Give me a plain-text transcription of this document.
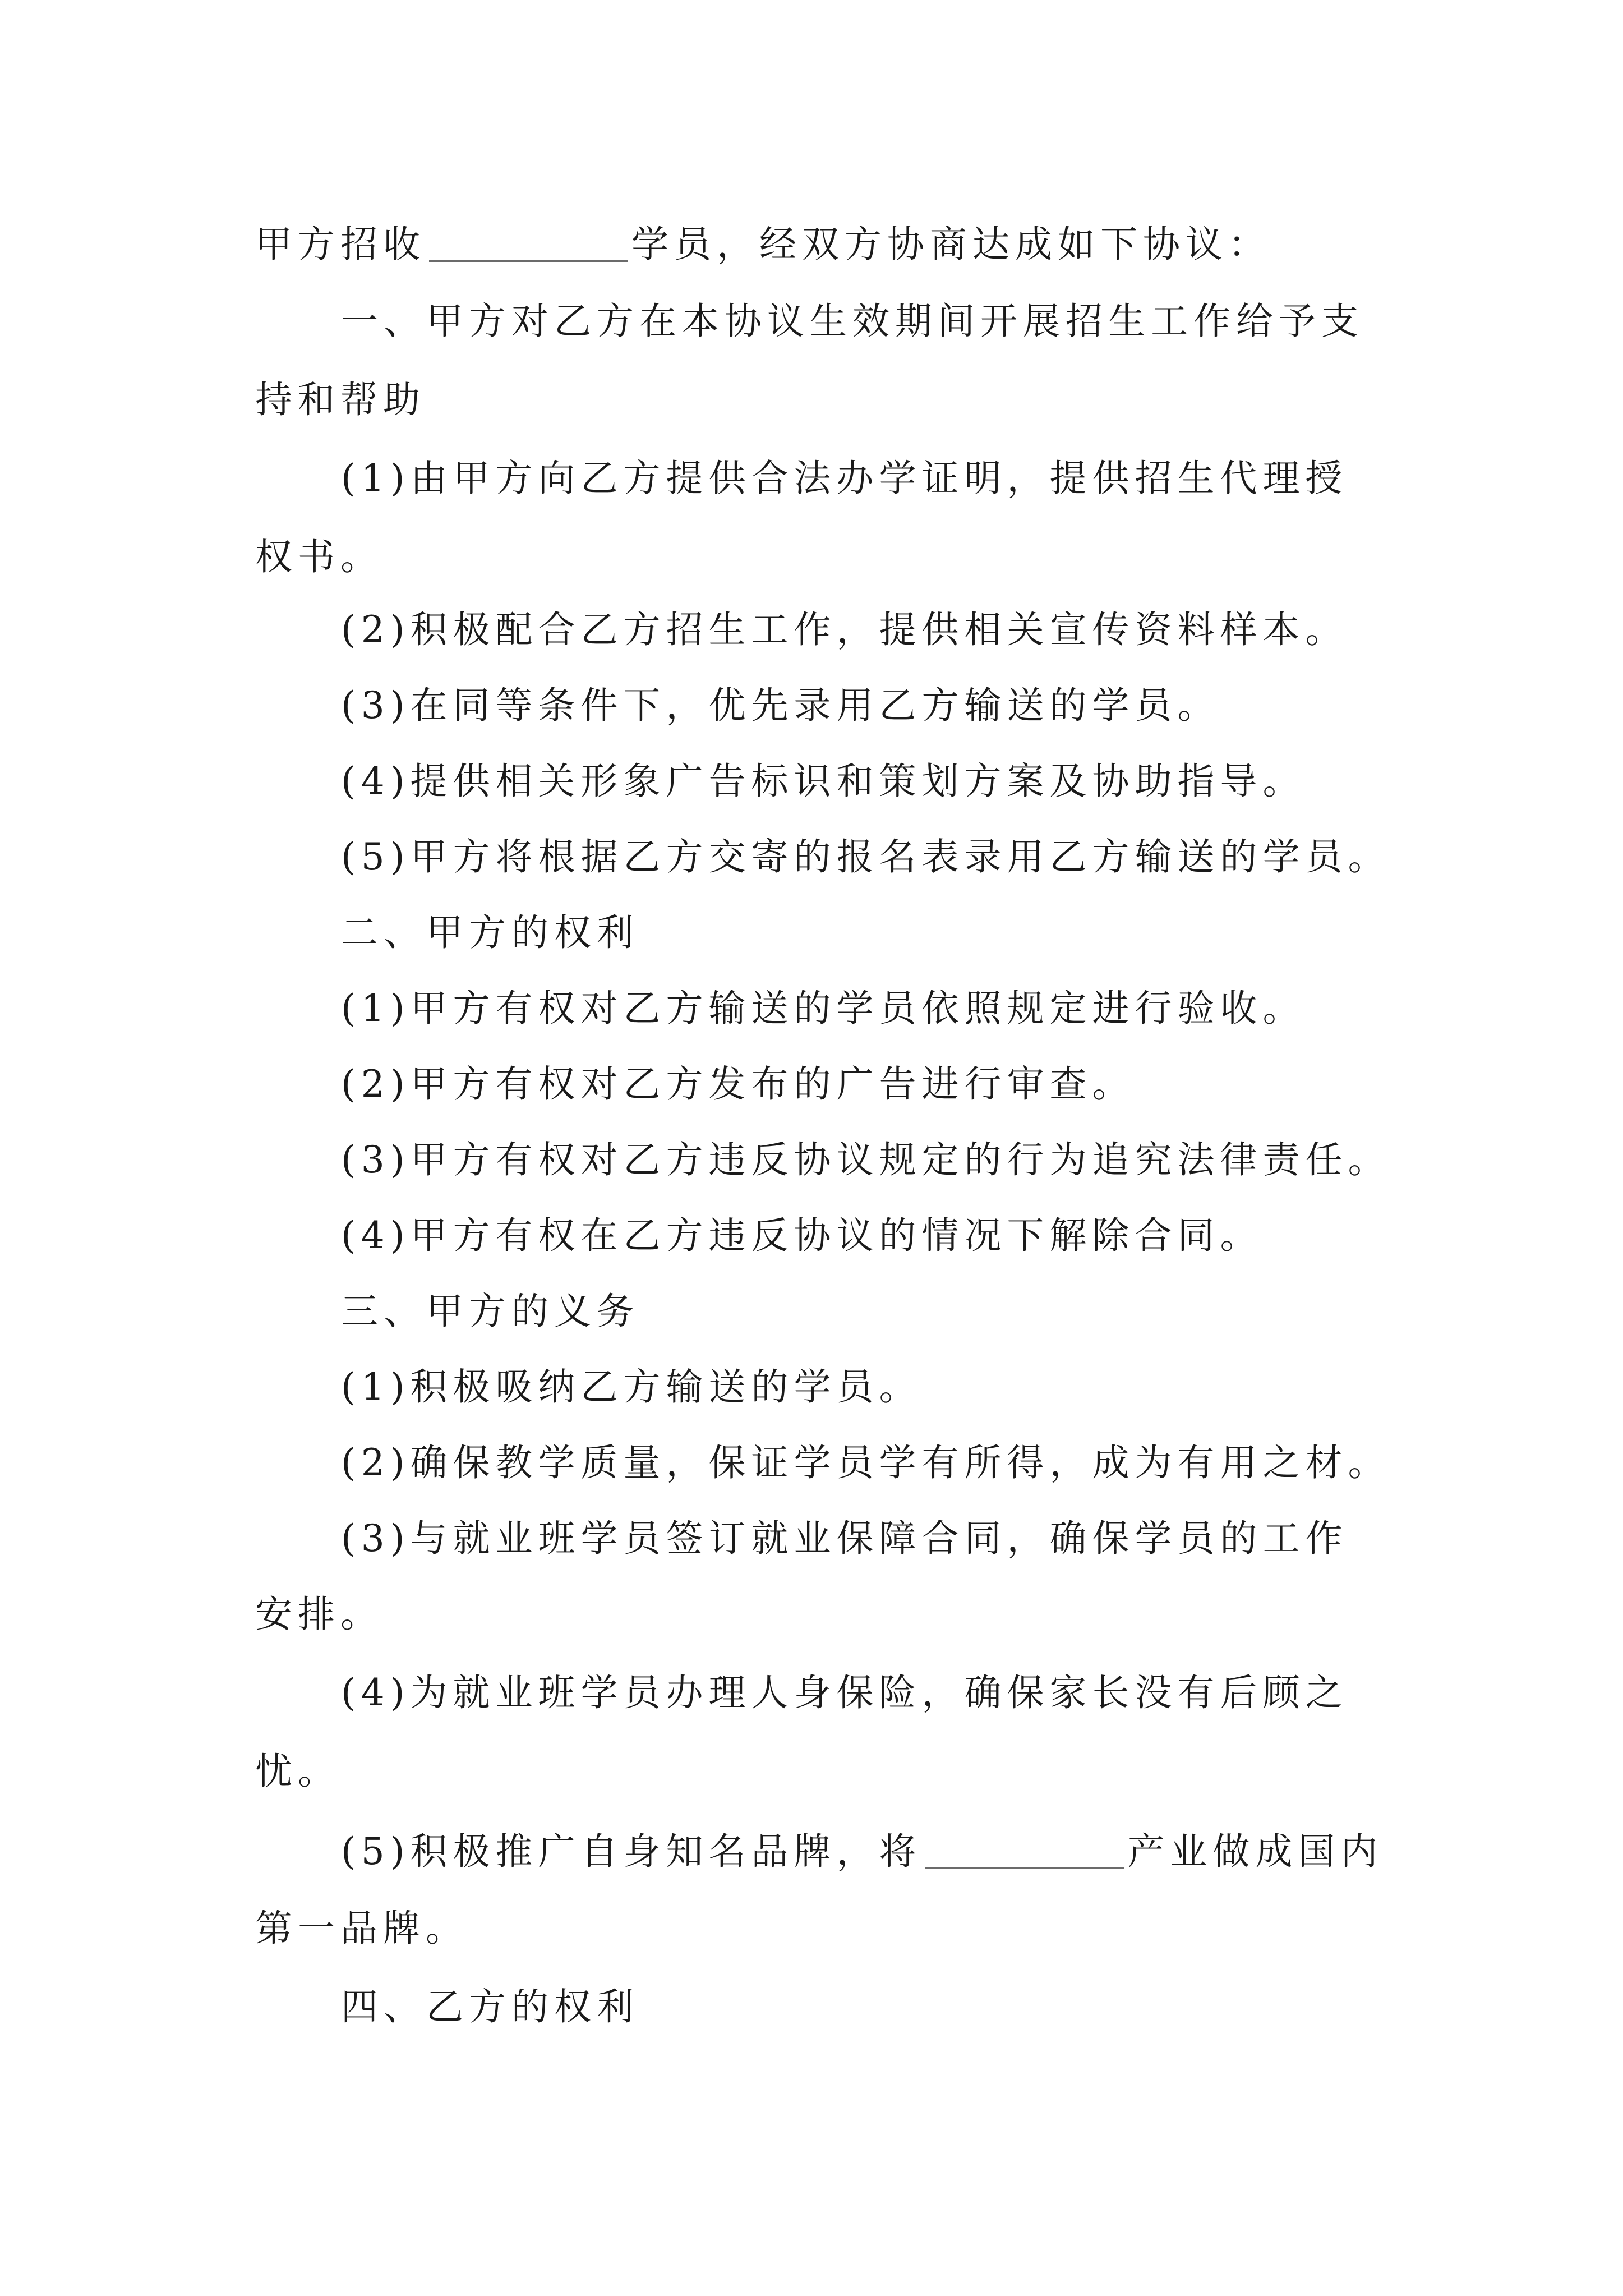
甲方招收	学员，经双方协商达成如下协议：
一、甲方对乙方在本协议生效期间开展招生工作给予支
持和帮助
(1)由甲方向乙方提供合法办学证明，提供招生代理授
权书。
(2)积极配合乙方招生工作，提供相关宣传资料样本。
(3)在同等条件下，优先录用乙方输送的学员。
(4)提供相关形象广告标识和策划方案及协助指导。
(5)甲方将根据乙方交寄的报名表录用乙方输送的学员。
二、甲方的权利
(1)甲方有权对乙方输送的学员依照规定进行验收。
(2)甲方有权对乙方发布的广告进行审查。
(3)甲方有权对乙方违反协议规定的行为追究法律责任。
(4)甲方有权在乙方违反协议的情况下解除合同。
三、甲方的义务
(1)积极吸纳乙方输送的学员。
(2)确保教学质量，保证学员学有所得，成为有用之材。
(3)与就业班学员签订就业保障合同，确保学员的工作
安排。
(4)为就业班学员办理人身保险，确保家长没有后顾之
忧。
(5)积极推广自身知名品牌，将	产业做成国内
第一品牌。
四、乙方的权利
